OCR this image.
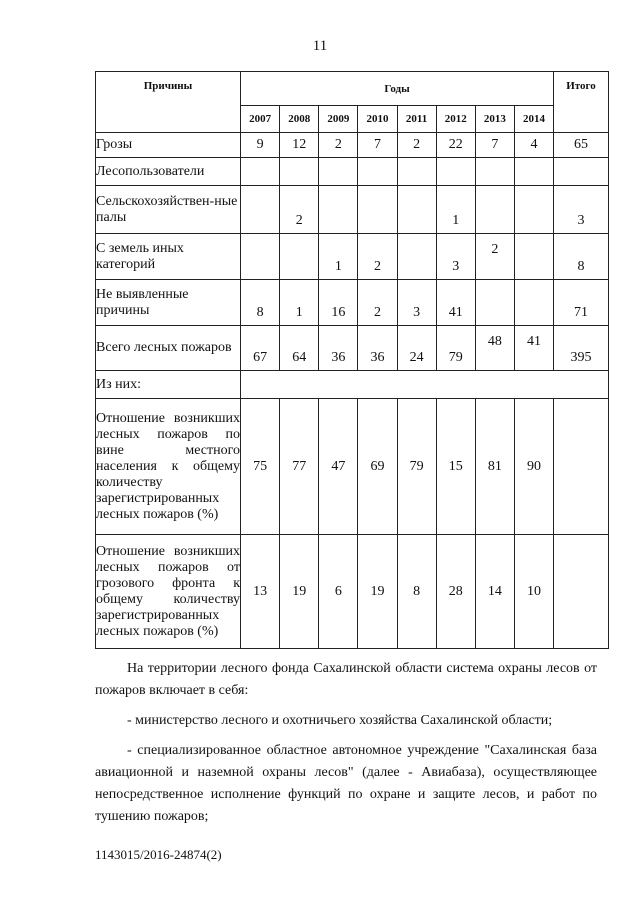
11
Причины	Годы								Итого
	2007	2008	2009	2010	2011	2012	2013	2014	
Грозы	9	12	2	7	2	22	7	4	65
Лесопользователи									
Сельскохозяйствен-ные палы		2				1			3
С земель иных категорий			1	2		3	2		8
Не выявленные причины	8	1	16	2	3	41			71
Всего лесных пожаров	67	64	36	36	24	79	48	41	395
Из них:									
Отношение возникших лесных пожаров по вине местного населения к общему количеству зарегистрированных лесных пожаров (%)	75	77	47	69	79	15	81	90	
Отношение возникших лесных пожаров от грозового фронта к общему количеству зарегистрированных лесных пожаров (%)	13	19	6	19	8	28	14	10	

На территории лесного фонда Сахалинской области система охраны лесов от пожаров включает в себя:

- министерство лесного и охотничьего хозяйства Сахалинской области;

- специализированное областное автономное учреждение "Сахалинская база авиационной и наземной охраны лесов" (далее - Авиабаза), осуществляющее непосредственное исполнение функций по охране и защите лесов, и работ по тушению пожаров;

1143015/2016-24874(2)
